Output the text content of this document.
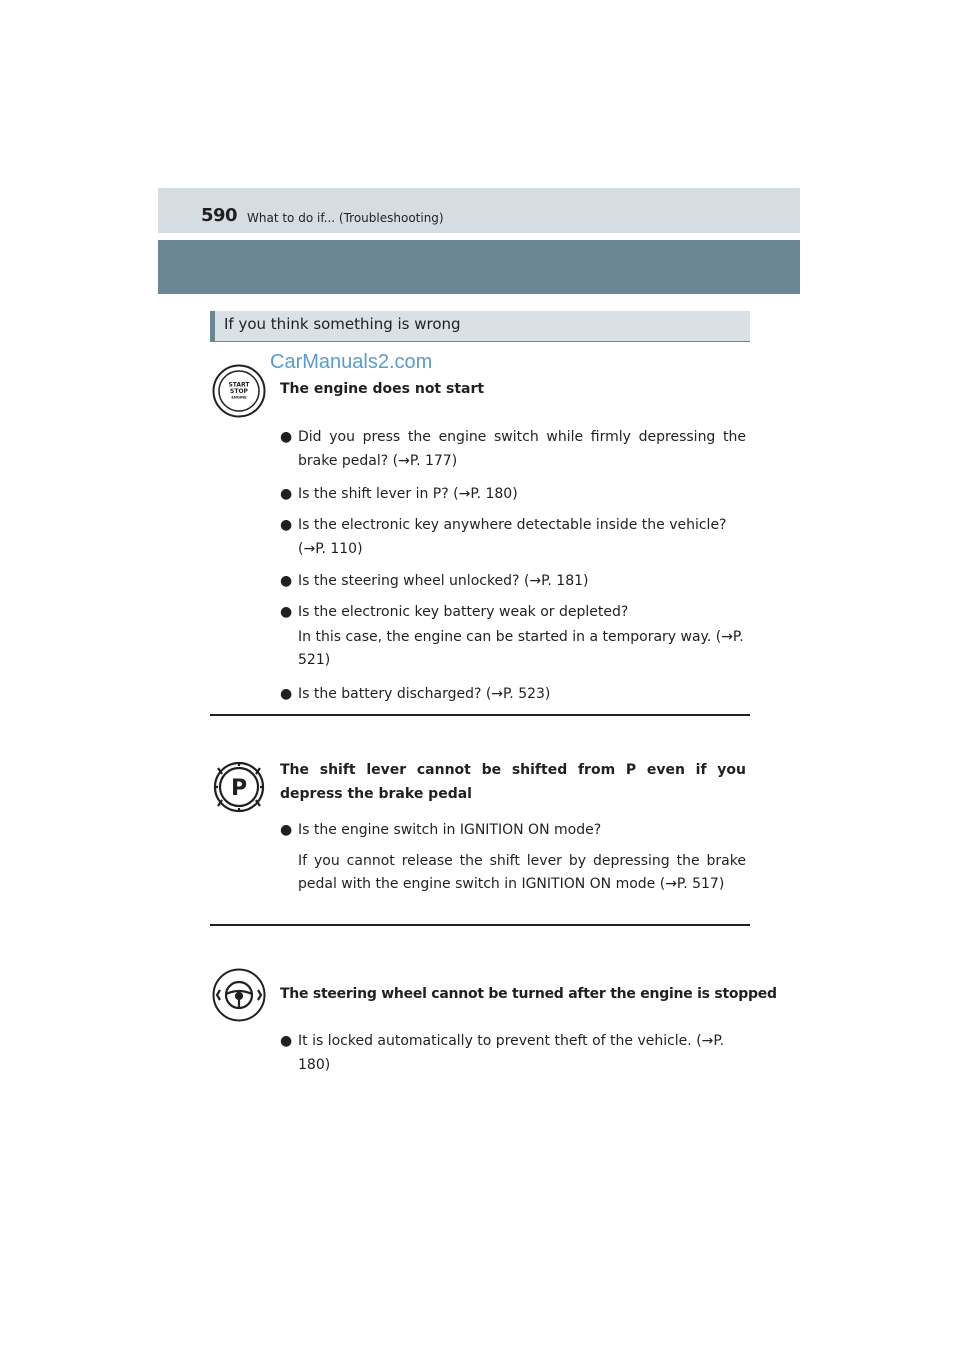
590 What to do if... (Troubleshooting)
If you think something is wrong
CarManuals2.com
START
STOP
ENGINE
The engine does not start
● Did you press the engine switch while firmly depressing the brake pedal? (→P. 177)
● Is the shift lever in P? (→P. 180)
● Is the electronic key anywhere detectable inside the vehicle? (→P. 110)
● Is the steering wheel unlocked? (→P. 181)
● Is the electronic key battery weak or depleted?
In this case, the engine can be started in a temporary way. (→P. 521)
● Is the battery discharged? (→P. 523)
P
The shift lever cannot be shifted from P even if you depress the brake pedal
● Is the engine switch in IGNITION ON mode?
If you cannot release the shift lever by depressing the brake pedal with the engine switch in IGNITION ON mode (→P. 517)
The steering wheel cannot be turned after the engine is stopped
● It is locked automatically to prevent theft of the vehicle. (→P. 180)
